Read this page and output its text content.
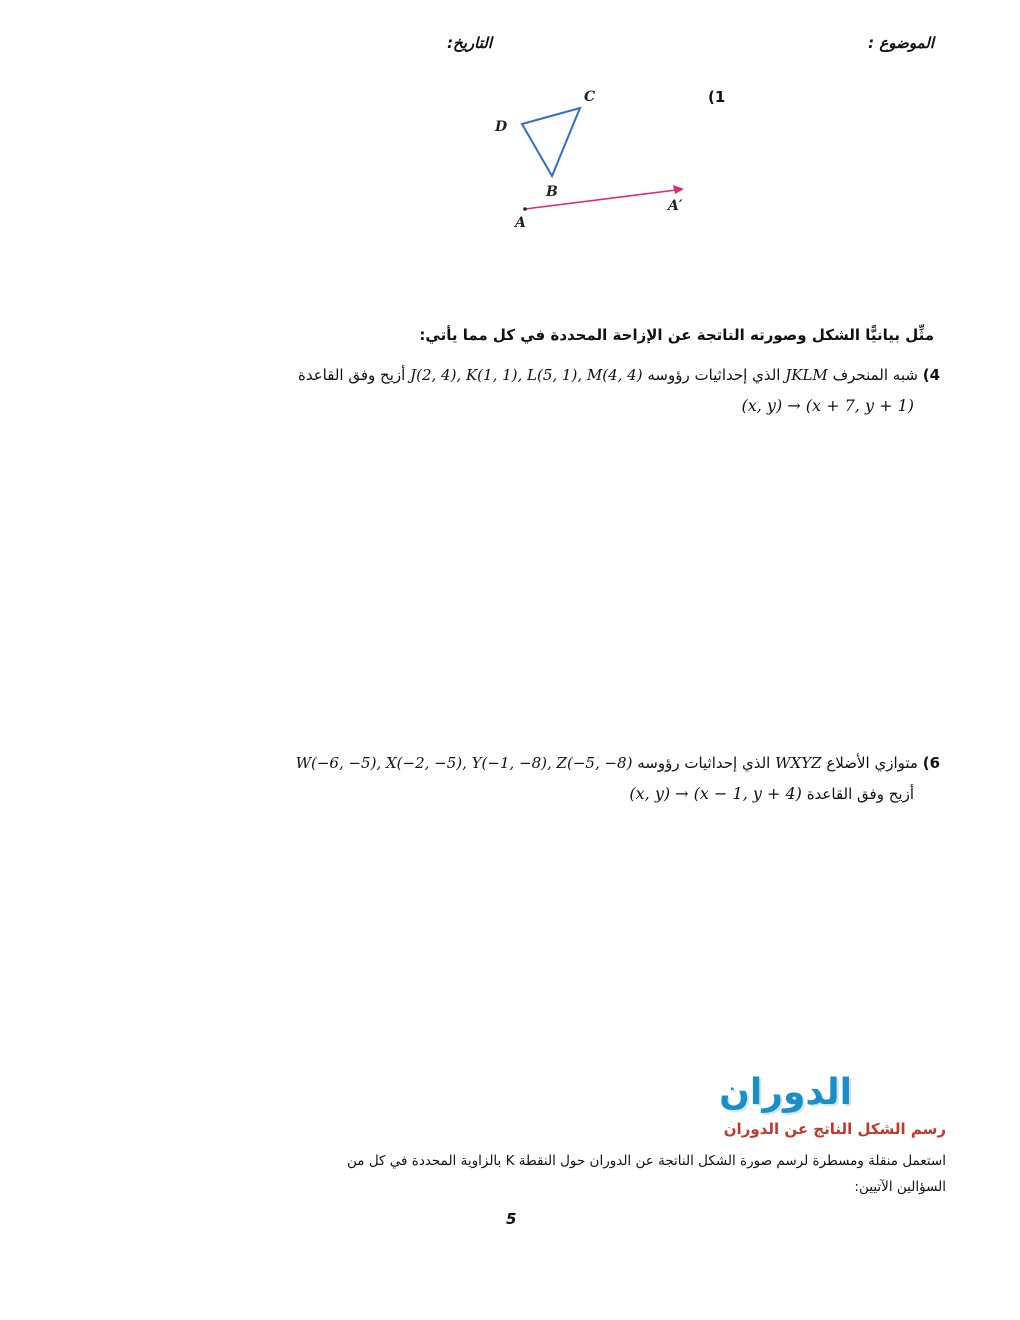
الموضوع :
التاريخ:
(1
C
D
B
A
A′
مثِّل بيانيًّا الشكل وصورته الناتجة عن الإزاحة المحددة في كل مما يأتي:
4) شبه المنحرف JKLM الذي إحداثيات رؤوسه J(2, 4), K(1, 1), L(5, 1), M(4, 4) أزيح وفق القاعدة
(x, y) → (x + 7, y + 1)
6) متوازي الأضلاع WXYZ الذي إحداثيات رؤوسه W(−6, −5), X(−2, −5), Y(−1, −8), Z(−5, −8)
أزيح وفق القاعدة (x, y) → (x − 1, y + 4)
الدوران
رسم الشكل الناتج عن الدوران
استعمل منقلة ومسطرة لرسم صورة الشكل الناتجة عن الدوران حول النقطة K بالزاوية المحددة في كل من
السؤالين الآتيين:
5
